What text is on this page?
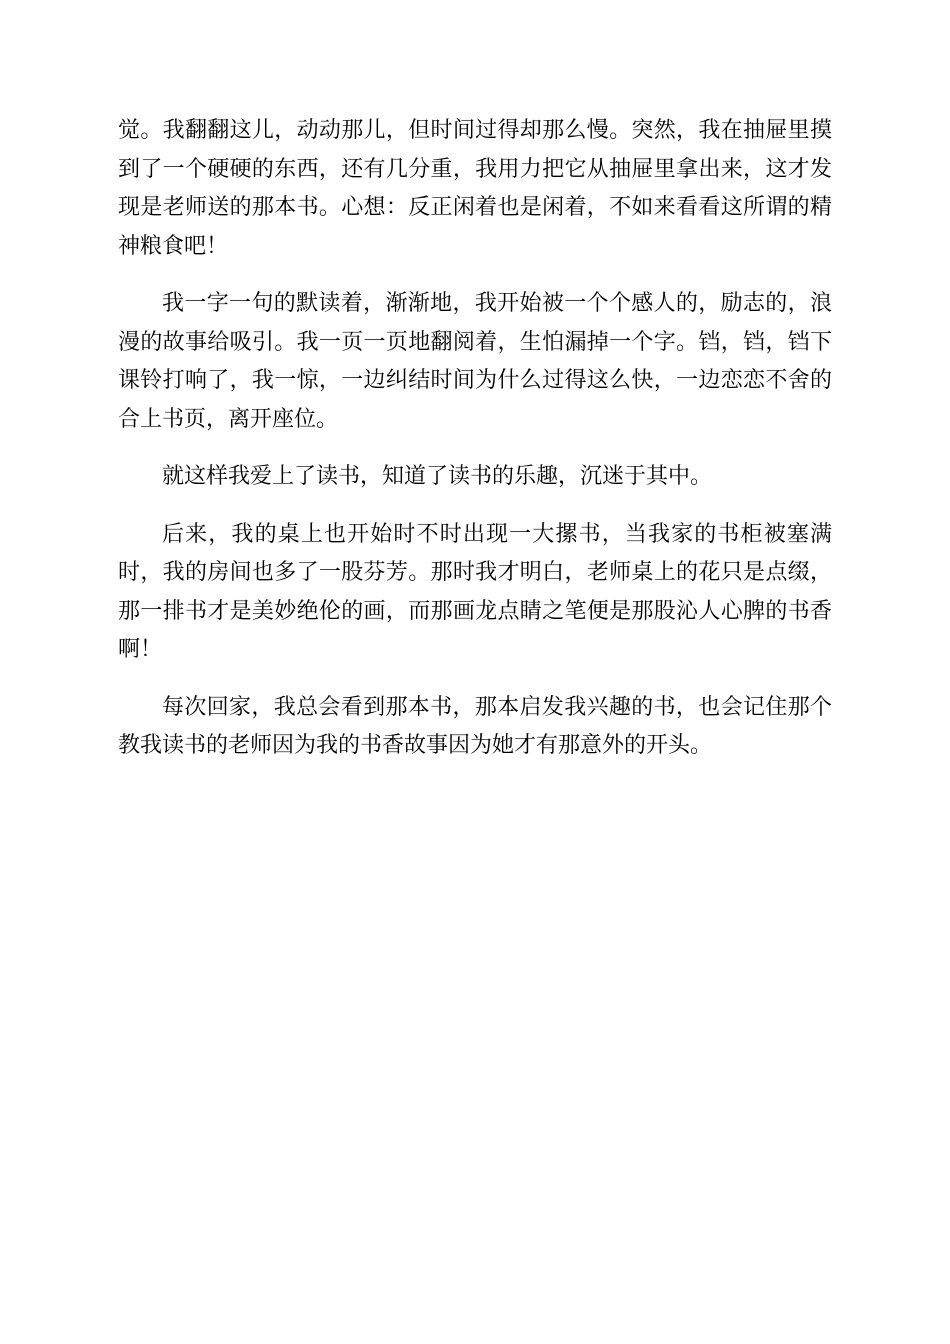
觉。我翻翻这儿，动动那儿，但时间过得却那么慢。突然，我在抽屉里摸到了一个硬硬的东西，还有几分重，我用力把它从抽屉里拿出来，这才发现是老师送的那本书。心想：反正闲着也是闲着，不如来看看这所谓的精神粮食吧！

我一字一句的默读着，渐渐地，我开始被一个个感人的，励志的，浪漫的故事给吸引。我一页一页地翻阅着，生怕漏掉一个字。铛，铛，铛下课铃打响了，我一惊，一边纠结时间为什么过得这么快，一边恋恋不舍的合上书页，离开座位。

就这样我爱上了读书，知道了读书的乐趣，沉迷于其中。

后来，我的桌上也开始时不时出现一大摞书，当我家的书柜被塞满时，我的房间也多了一股芬芳。那时我才明白，老师桌上的花只是点缀，那一排书才是美妙绝伦的画，而那画龙点睛之笔便是那股沁人心脾的书香啊！

每次回家，我总会看到那本书，那本启发我兴趣的书，也会记住那个教我读书的老师因为我的书香故事因为她才有那意外的开头。
